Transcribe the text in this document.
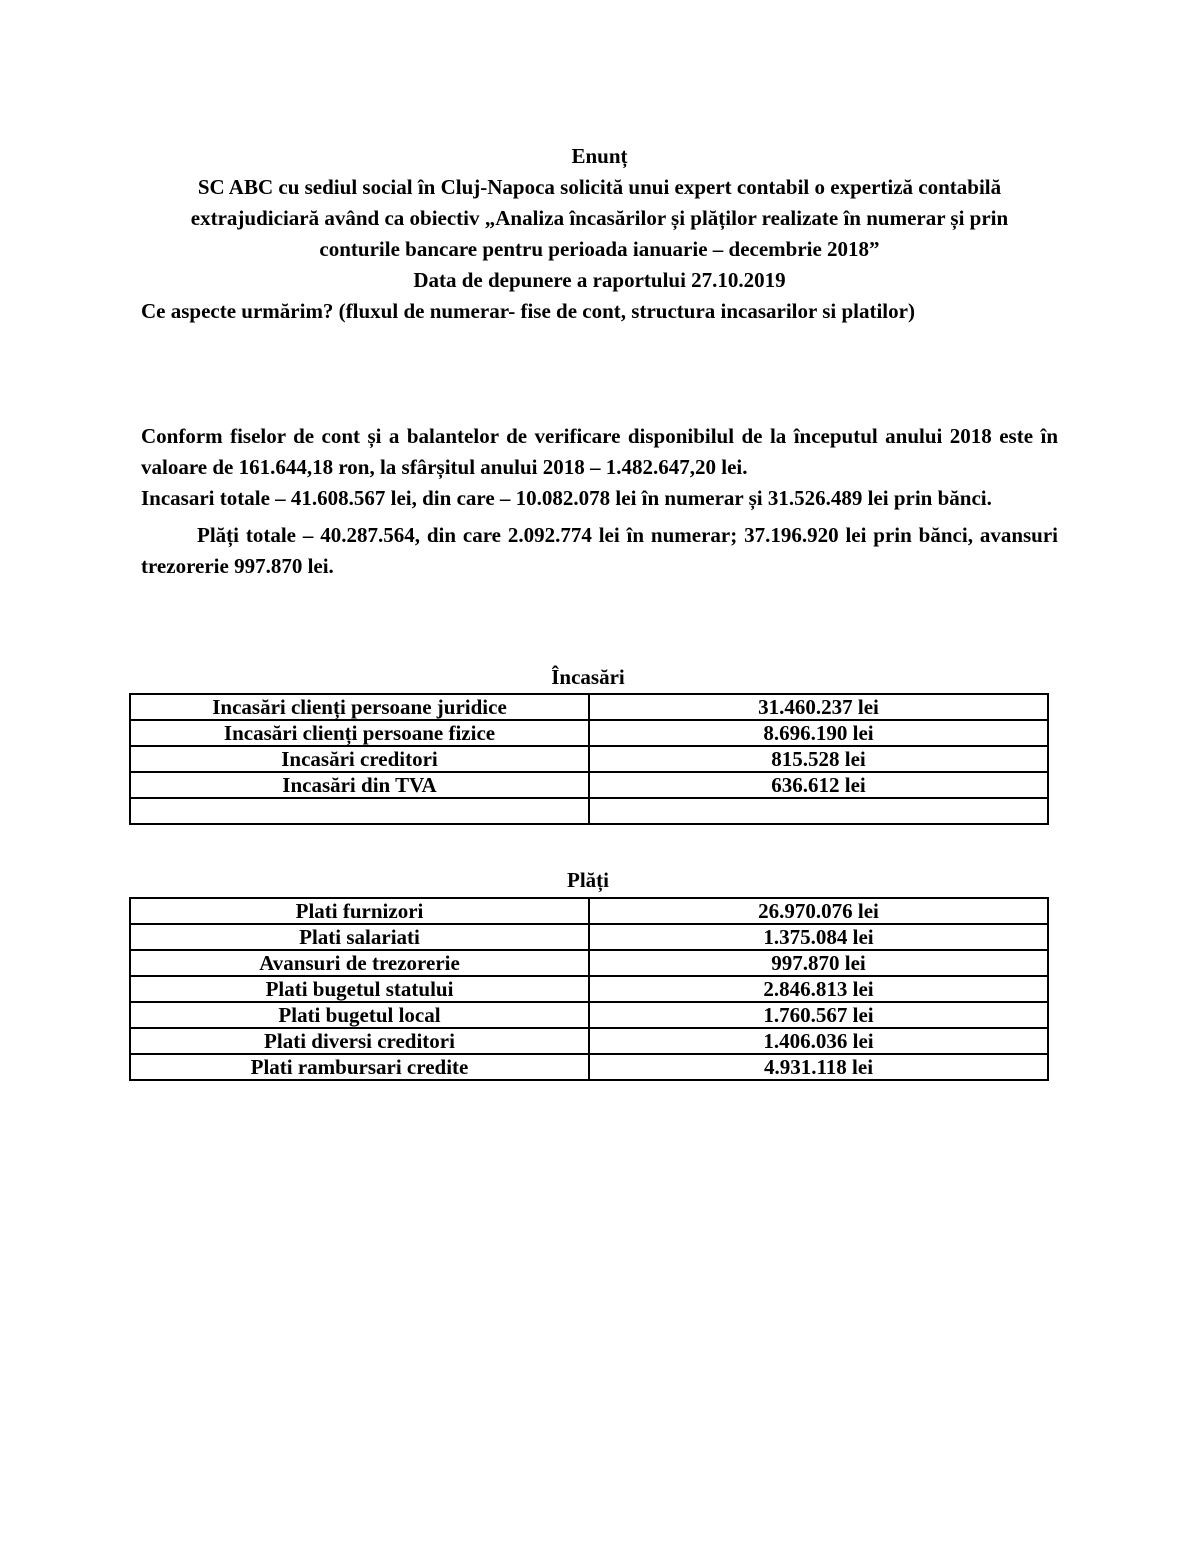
Enunț
SC ABC cu sediul social în Cluj-Napoca solicită unui expert contabil o expertiză contabilă
extrajudiciară având ca obiectiv „Analiza încasărilor și plăților realizate în numerar și prin
conturile bancare pentru perioada ianuarie – decembrie 2018”
Data de depunere a raportului 27.10.2019
Ce aspecte urmărim? (fluxul de numerar- fise de cont, structura incasarilor si platilor)

Conform fiselor de cont și a balantelor de verificare disponibilul de la începutul anului 2018 este în valoare de 161.644,18 ron, la sfârșitul anului 2018 – 1.482.647,20 lei.

Incasari totale – 41.608.567 lei, din care – 10.082.078 lei în numerar și 31.526.489 lei prin bănci.

Plăți totale – 40.287.564, din care 2.092.774 lei în numerar; 37.196.920 lei prin bănci, avansuri trezorerie 997.870 lei.

Încasări
Incasări clienți persoane juridice	31.460.237 lei
Incasări clienți persoane fizice	8.696.190 lei
Incasări creditori	815.528 lei
Incasări din TVA	636.612 lei

Plăți
Plati furnizori	26.970.076 lei
Plati salariati	1.375.084 lei
Avansuri de trezorerie	997.870 lei
Plati bugetul statului	2.846.813 lei
Plati bugetul local	1.760.567 lei
Plati diversi creditori	1.406.036 lei
Plati rambursari credite	4.931.118 lei
